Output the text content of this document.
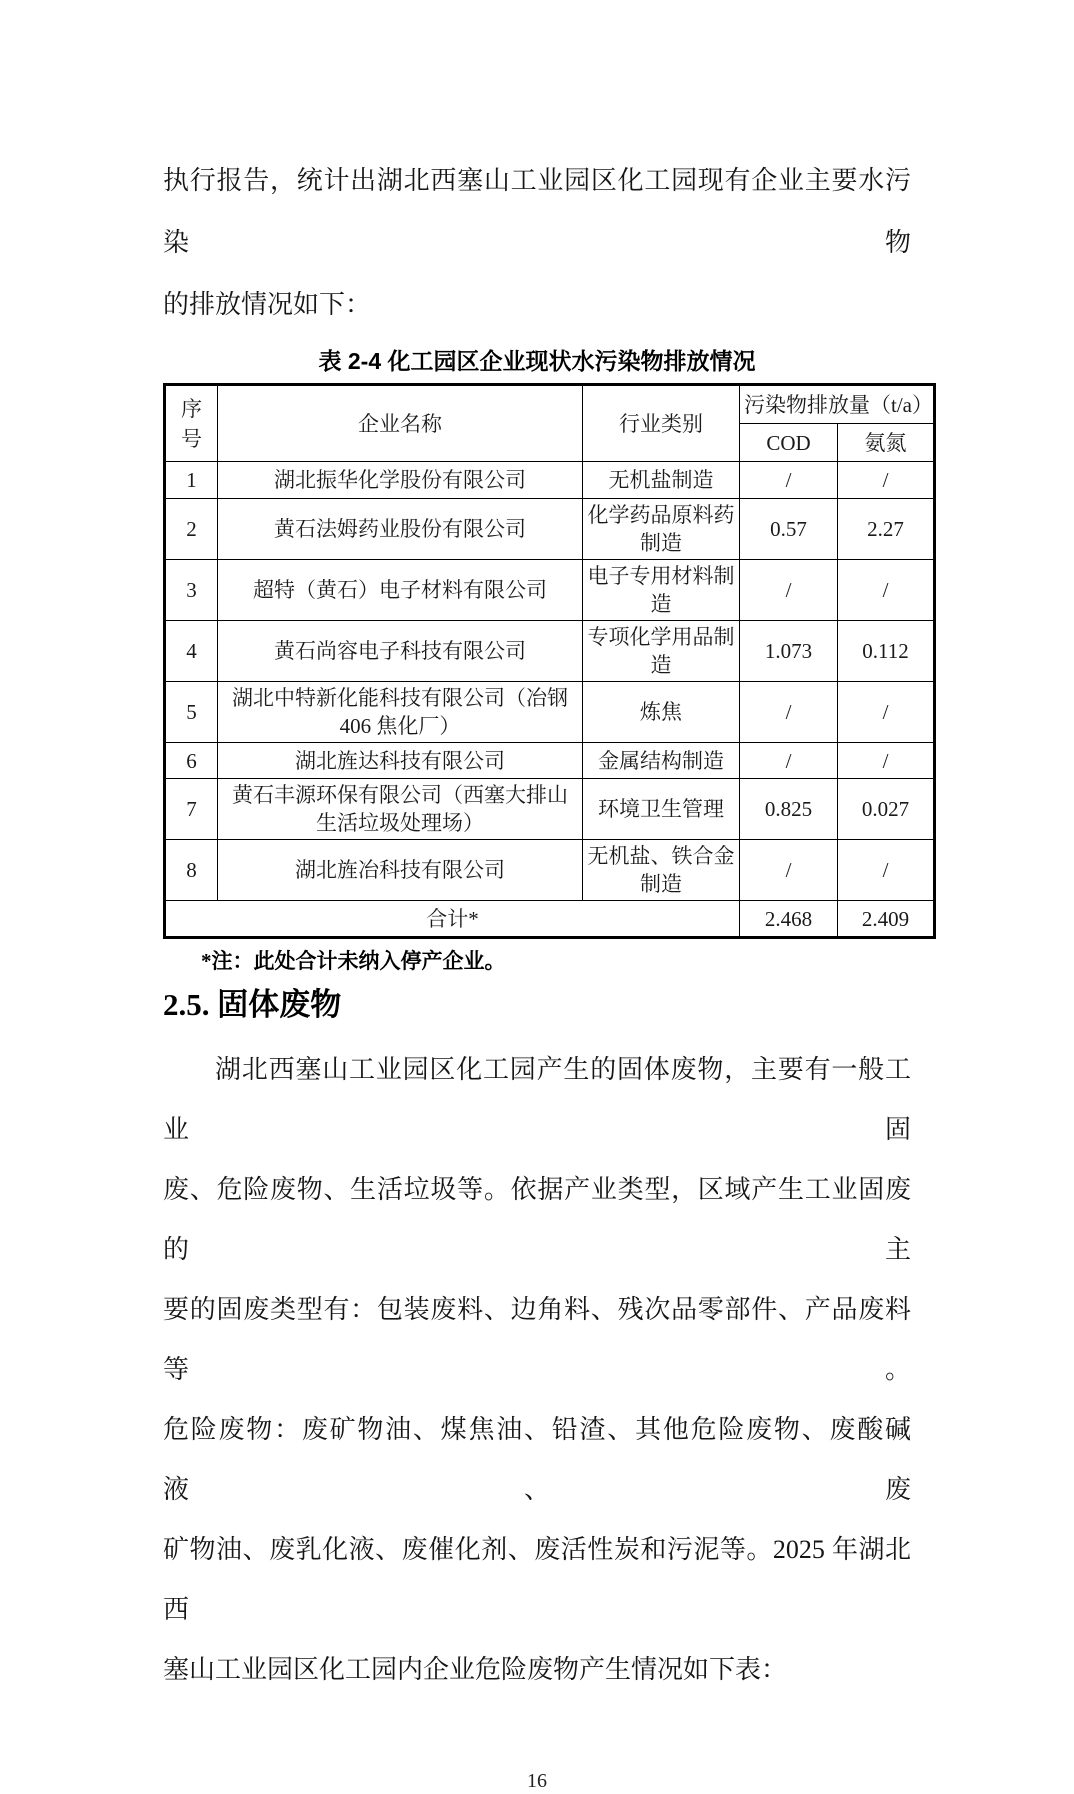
执行报告，统计出湖北西塞山工业园区化工园现有企业主要水污染物
的排放情况如下：
表 2-4 化工园区企业现状水污染物排放情况
序号	企业名称	行业类别	污染物排放量（t/a）	
			COD	氨氮
1	湖北振华化学股份有限公司	无机盐制造	/	/
2	黄石法姆药业股份有限公司	化学药品原料药制造	0.57	2.27
3	超特（黄石）电子材料有限公司	电子专用材料制造	/	/
4	黄石尚容电子科技有限公司	专项化学用品制造	1.073	0.112
5	湖北中特新化能科技有限公司（冶钢 406 焦化厂）	炼焦	/	/
6	湖北旌达科技有限公司	金属结构制造	/	/
7	黄石丰源环保有限公司（西塞大排山生活垃圾处理场）	环境卫生管理	0.825	0.027
8	湖北旌冶科技有限公司	无机盐、铁合金制造	/	/
合计*			2.468	2.409
*注：此处合计未纳入停产企业。
2.5. 固体废物
湖北西塞山工业园区化工园产生的固体废物，主要有一般工业固
废、危险废物、生活垃圾等。依据产业类型，区域产生工业固废的主
要的固废类型有：包装废料、边角料、残次品零部件、产品废料等。
危险废物：废矿物油、煤焦油、铅渣、其他危险废物、废酸碱液、废
矿物油、废乳化液、废催化剂、废活性炭和污泥等。2025 年湖北西
塞山工业园区化工园内企业危险废物产生情况如下表：
16
